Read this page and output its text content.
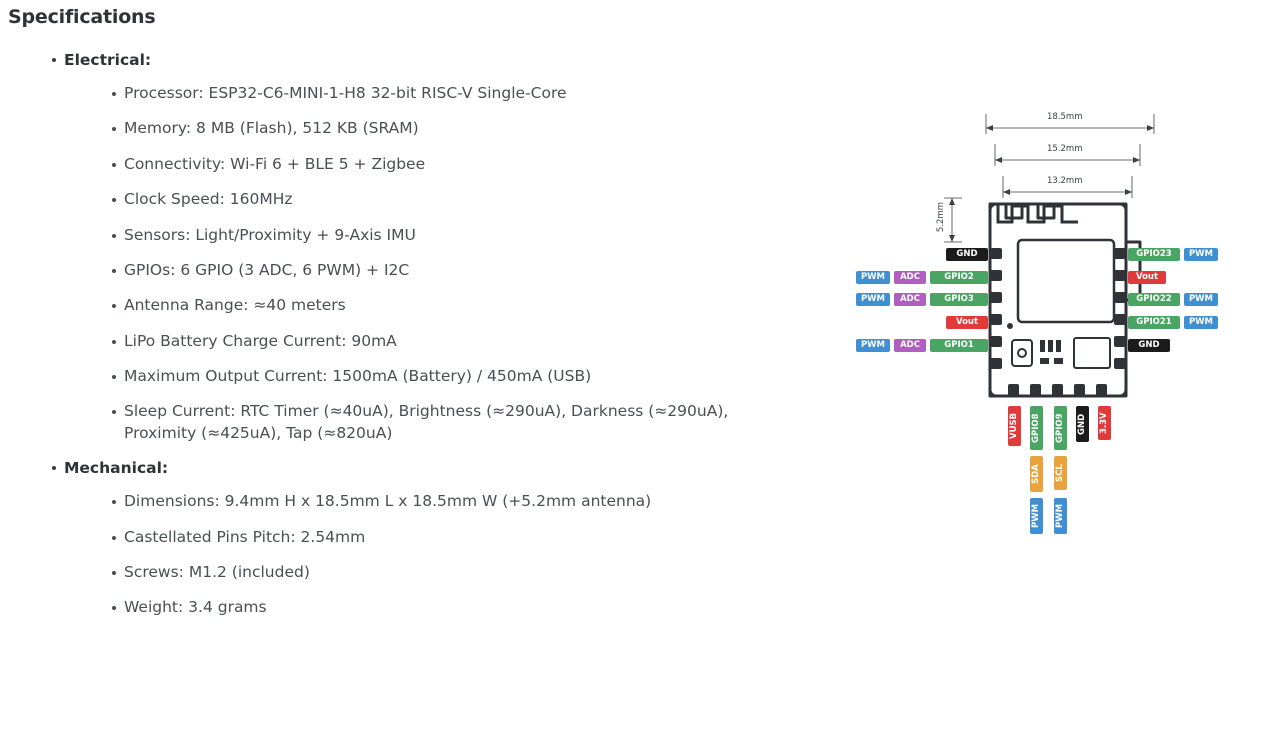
Specifications
Electrical:
Processor: ESP32-C6-MINI-1-H8 32-bit RISC-V Single-Core
Memory: 8 MB (Flash), 512 KB (SRAM)
Connectivity: Wi-Fi 6 + BLE 5 + Zigbee
Clock Speed: 160MHz
Sensors: Light/Proximity + 9-Axis IMU
GPIOs: 6 GPIO (3 ADC, 6 PWM) + I2C
Antenna Range: ≈40 meters
LiPo Battery Charge Current: 90mA
Maximum Output Current: 1500mA (Battery) / 450mA (USB)
Sleep Current: RTC Timer (≈40uA), Brightness (≈290uA), Darkness (≈290uA), Proximity (≈425uA), Tap (≈820uA)
Mechanical:
Dimensions: 9.4mm H x 18.5mm L x 18.5mm W (+5.2mm antenna)
Castellated Pins Pitch: 2.54mm
Screws: M1.2 (included)
Weight: 3.4 grams
18.5mm
15.2mm
13.2mm
5.2mm
GND
PWM	ADC	GPIO2
PWM	ADC	GPIO3
Vout
PWM	ADC	GPIO1
GPIO23	PWM
Vout
GPIO22	PWM
GPIO21	PWM
GND
VUSB GPIO8
SDA
PWM
GPIO9
SCL
PWM
GND 3.3V
